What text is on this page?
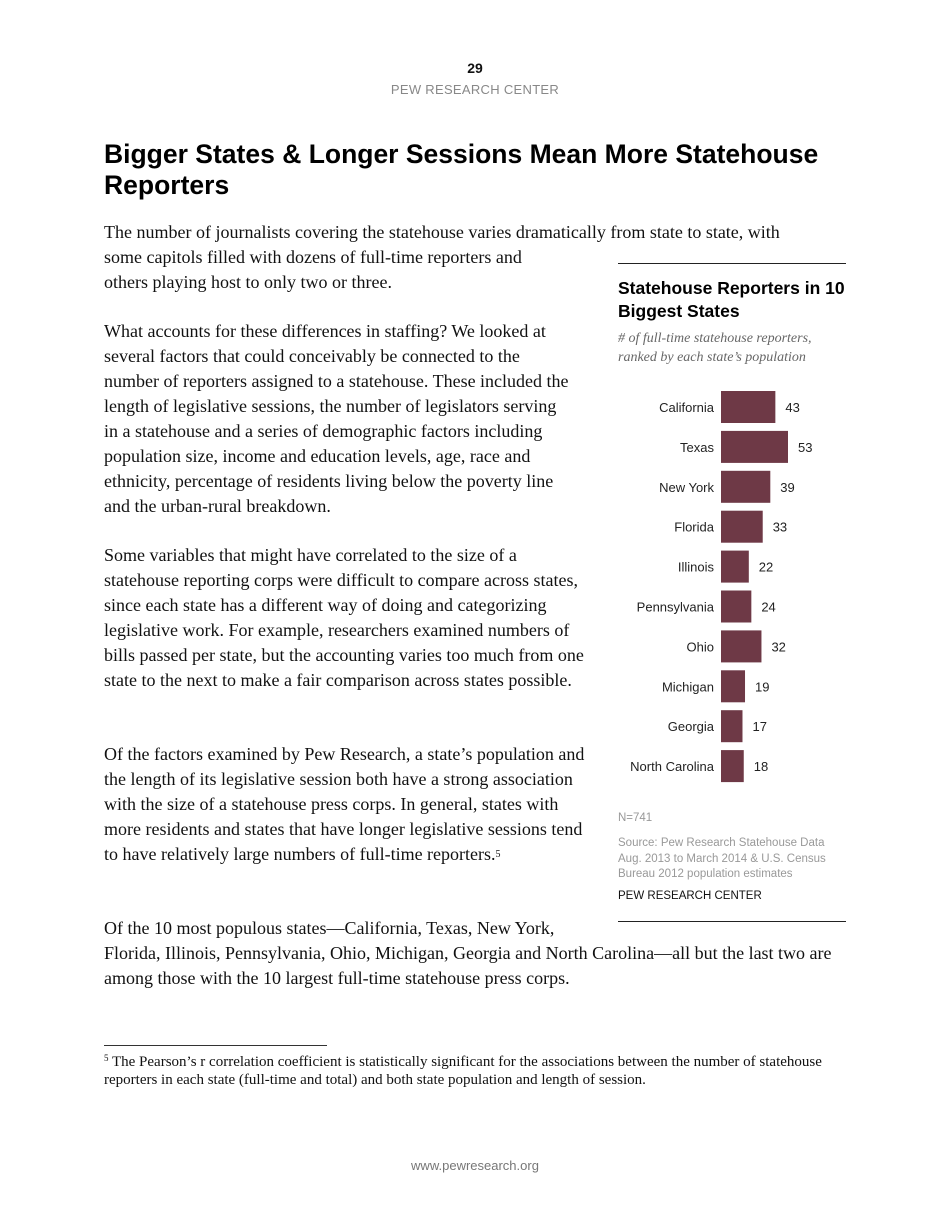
29
PEW RESEARCH CENTER
Bigger States & Longer Sessions Mean More Statehouse Reporters

The number of journalists covering the statehouse varies dramatically from state to state, with
some capitols filled with dozens of full-time reporters and others playing host to only two or three.

What accounts for these differences in staffing? We looked at several factors that could conceivably be connected to the number of reporters assigned to a statehouse. These included the length of legislative sessions, the number of legislators serving in a statehouse and a series of demographic factors including population size, income and education levels, age, race and ethnicity, percentage of residents living below the poverty line and the urban-rural breakdown.

Some variables that might have correlated to the size of a statehouse reporting corps were difficult to compare across states, since each state has a different way of doing and categorizing legislative work. For example, researchers examined numbers of bills passed per state, but the accounting varies too much from one state to the next to make a fair comparison across states possible.

Of the factors examined by Pew Research, a state’s population and the length of its legislative session both have a strong association with the size of a statehouse press corps. In general, states with more residents and states that have longer legislative sessions tend to have relatively large numbers of full-time reporters.$^5$

Of the 10 most populous states—California, Texas, New York,
Florida, Illinois, Pennsylvania, Ohio, Michigan, Georgia and North Carolina—all but the last two are among those with the 10 largest full-time statehouse press corps.

Statehouse Reporters in 10 Biggest States

# of full-time statehouse reporters, ranked by each state’s population

California	43
Texas	53
New York	39
Florida	33
Illinois	22
Pennsylvania	24
Ohio	32
Michigan	19
Georgia	17
North Carolina	18

N=741

Source: Pew Research Statehouse Data Aug. 2013 to March 2014 & U.S. Census Bureau 2012 population estimates

PEW RESEARCH CENTER

$^5$ The Pearson’s r correlation coefficient is statistically significant for the associations between the number of statehouse reporters in each state (full-time and total) and both state population and length of session.

www.pewresearch.org
